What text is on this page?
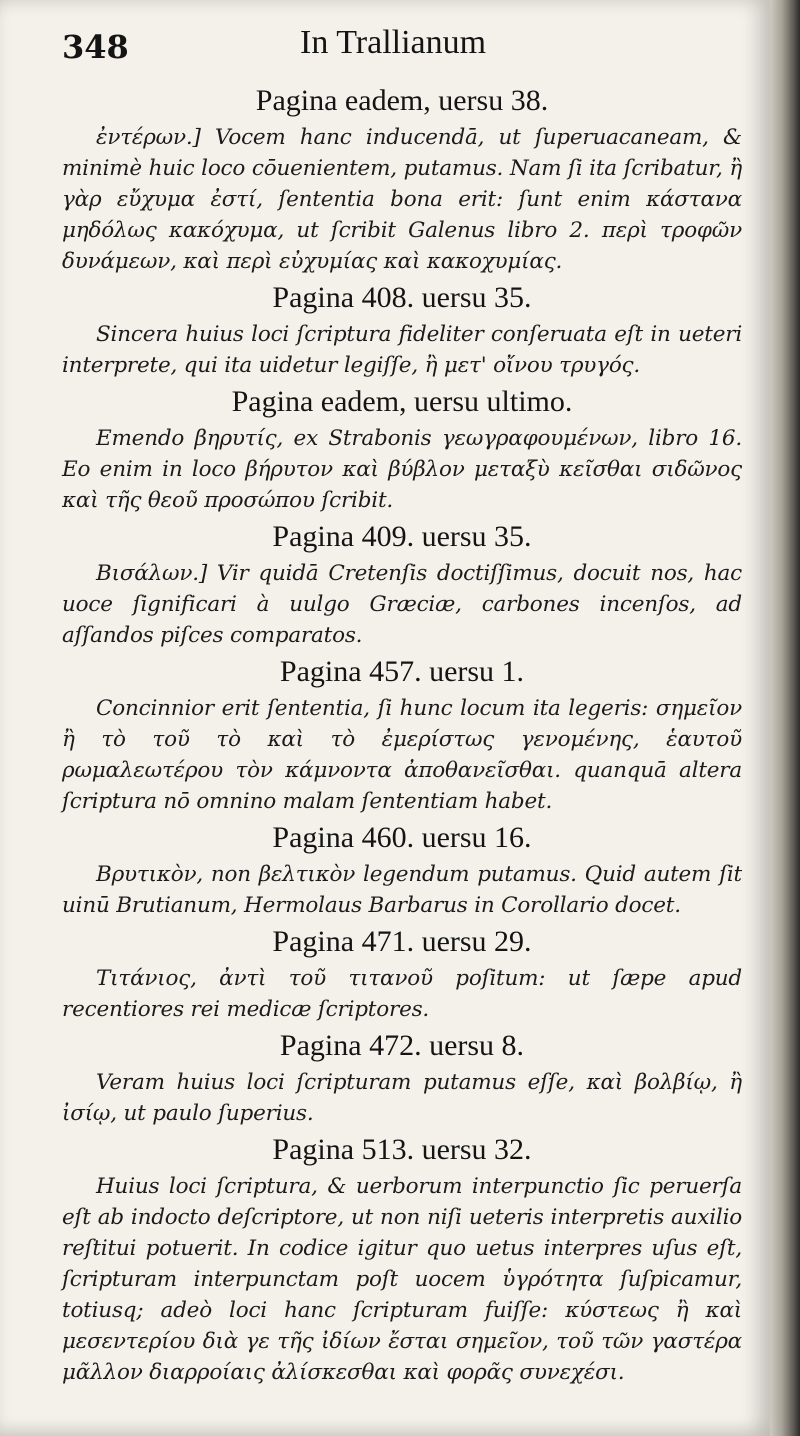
348	In Trallianum
Pagina eadem, uersu 38.

ἐντέρων.] Vocem hanc inducendā, ut ſuperuacaneam, & minimè huic loco cōuenientem, putamus. Nam ſi ita ſcribatur, ἢ γὰρ εὔχυμα ἐστί, ſententia bona erit: ſunt enim κάστανα μηδόλως κακόχυμα, ut ſcribit Galenus libro 2. περὶ τροφῶν δυνάμεων, καὶ περὶ εὐχυμίας καὶ κακοχυμίας.

Pagina 408. uersu 35.

Sincera huius loci ſcriptura fideliter conſeruata eſt in ueteri interprete, qui ita uidetur legiſſe, ἢ μετ' οἴνου τρυγός.

Pagina eadem, uersu ultimo.

Emendo βηρυτίς, ex Strabonis γεωγραφουμένων, libro 16. Eo enim in loco βήρυτον καὶ βύβλον μεταξὺ κεῖσθαι σιδῶνος καὶ τῆς θεοῦ προσώπου ſcribit.

Pagina 409. uersu 35.

Βισάλων.] Vir quidā Cretenſis doctiſſimus, docuit nos, hac uoce ſignificari à uulgo Græciæ, carbones incenſos, ad aſſandos piſces comparatos.

Pagina 457. uersu 1.

Concinnior erit ſententia, ſi hunc locum ita legeris: σημεῖον ἢ τὸ τοῦ τὸ καὶ τὸ ἐμερίστως γενομένης, ἑαυτοῦ ρωμαλεωτέρου τὸν κάμνοντα ἀποθανεῖσθαι. quanquā altera ſcriptura nō omnino malam ſententiam habet.

Pagina 460. uersu 16.

Βρυτικὸν, non βελτικὸν legendum putamus. Quid autem ſit uinū Brutianum, Hermolaus Barbarus in Corollario docet.

Pagina 471. uersu 29.

Τιτάνιος, ἀντὶ τοῦ τιτανοῦ poſitum: ut ſæpe apud recentiores rei medicæ ſcriptores.

Pagina 472. uersu 8.

Veram huius loci ſcripturam putamus eſſe, καὶ βολβίῳ, ἢ ἰσίῳ, ut paulo ſuperius.

Pagina 513. uersu 32.

Huius loci ſcriptura, & uerborum interpunctio ſic peruerſa eſt ab indocto deſcriptore, ut non niſi ueteris interpretis auxilio reſtitui potuerit. In codice igitur quo uetus interpres uſus eſt, ſcripturam interpunctam poſt uocem ὑγρότητα ſuſpicamur, totiusq; adeò loci hanc ſcripturam fuiſſe: κύστεως ἢ καὶ μεσεντερίου διὰ γε τῆς ἰδίων ἔσται σημεῖον, τοῦ τῶν γαστέρα μᾶλλον διαρροίαις ἀλίσκεσθαι καὶ φορᾶς συνεχέσι.
